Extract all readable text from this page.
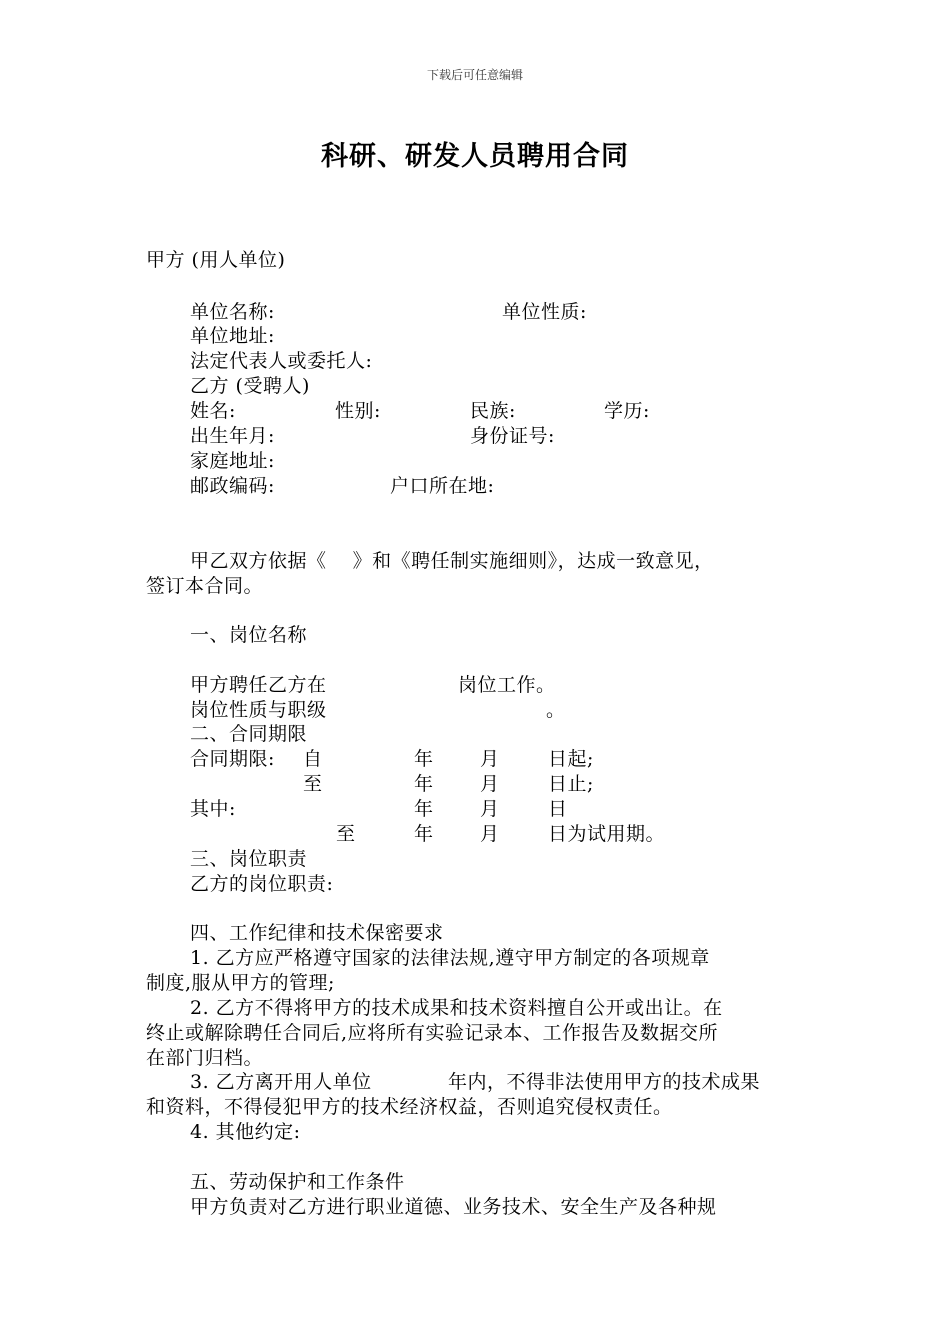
下载后可任意编辑
科研、研发人员聘用合同
甲方 (用人单位)
单位名称:	单位性质:
单位地址:
法定代表人或委托人:
乙方 (受聘人)
姓名:	性别:	民族:	学历:
出生年月:	身份证号:
家庭地址:
邮政编码:	户口所在地:
甲乙双方依据《    》和《聘任制实施细则》，达成一致意见，
签订本合同。
一、岗位名称
甲方聘任乙方在	岗位工作。
岗位性质与职级	。
二、合同期限
合同期限: 自	年 月	日起;
至	年 月	日止;
其中:	年 月	日
至	年 月	日为试用期。
三、岗位职责
乙方的岗位职责:
四、工作纪律和技术保密要求
1. 乙方应严格遵守国家的法律法规,遵守甲方制定的各项规章
制度,服从甲方的管理;
2. 乙方不得将甲方的技术成果和技术资料擅自公开或出让。在
终止或解除聘任合同后,应将所有实验记录本、工作报告及数据交所
在部门归档。
3. 乙方离开用人单位	年内，不得非法使用甲方的技术成果
和资料，不得侵犯甲方的技术经济权益，否则追究侵权责任。
4. 其他约定:
五、劳动保护和工作条件
甲方负责对乙方进行职业道德、业务技术、安全生产及各种规
